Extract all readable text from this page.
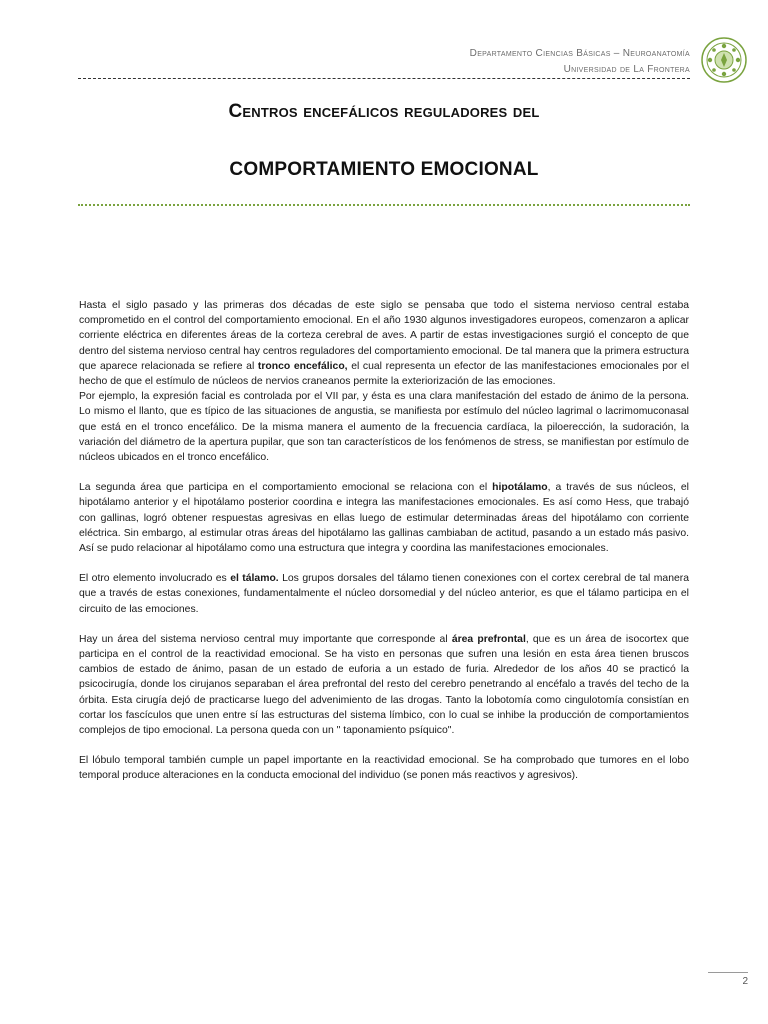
Departamento Ciencias Básicas – Neuroanatomía
Universidad de La Frontera
Centros encefálicos reguladores del
COMPORTAMIENTO EMOCIONAL

Hasta el siglo pasado y las primeras dos décadas de este siglo se pensaba que todo el sistema nervioso central estaba comprometido en el control del comportamiento emocional. En el año 1930 algunos investigadores europeos, comenzaron a aplicar corriente eléctrica en diferentes áreas de la corteza cerebral de aves. A partir de estas investigaciones surgió el concepto de que dentro del sistema nervioso central hay centros reguladores del comportamiento emocional. De tal manera que la primera estructura que aparece relacionada se refiere al tronco encefálico, el cual representa un efector de las manifestaciones emocionales por el hecho de que el estímulo de núcleos de nervios craneanos permite la exteriorización de las emociones.

Por ejemplo, la expresión facial es controlada por el VII par, y ésta es una clara manifestación del estado de ánimo de la persona. Lo mismo el llanto, que es típico de las situaciones de angustia, se manifiesta por estímulo del núcleo lagrimal o lacrimomuconasal que está en el tronco encefálico. De la misma manera el aumento de la frecuencia cardíaca, la piloerección, la sudoración, la variación del diámetro de la apertura pupilar, que son tan característicos de los fenómenos de stress, se manifiestan por estímulo de núcleos ubicados en el tronco encefálico.

La segunda área que participa en el comportamiento emocional se relaciona con el hipotálamo, a través de sus núcleos, el hipotálamo anterior y el hipotálamo posterior coordina e integra las manifestaciones emocionales. Es así como Hess, que trabajó con gallinas, logró obtener respuestas agresivas en ellas luego de estimular determinadas áreas del hipotálamo con corriente eléctrica. Sin embargo, al estimular otras áreas del hipotálamo las gallinas cambiaban de actitud, pasando a un estado más pasivo. Así se pudo relacionar al hipotálamo como una estructura que integra y coordina las manifestaciones emocionales.

El otro elemento involucrado es el tálamo. Los grupos dorsales del tálamo tienen conexiones con el cortex cerebral de tal manera que a través de estas conexiones, fundamentalmente el núcleo dorsomedial y del núcleo anterior, es que el tálamo participa en el circuito de las emociones.

Hay un área del sistema nervioso central muy importante que corresponde al área prefrontal, que es un área de isocortex que participa en el control de la reactividad emocional. Se ha visto en personas que sufren una lesión en esta área tienen bruscos cambios de estado de ánimo, pasan de un estado de euforia a un estado de furia. Alrededor de los años 40 se practicó la psicocirugía, donde los cirujanos separaban el área prefrontal del resto del cerebro penetrando al encéfalo a través del techo de la órbita. Esta cirugía dejó de practicarse luego del advenimiento de las drogas. Tanto la lobotomía como cingulotomía consistían en cortar los fascículos que unen entre sí las estructuras del sistema límbico, con lo cual se inhibe la producción de comportamientos complejos de tipo emocional. La persona queda con un " taponamiento psíquico".

El lóbulo temporal también cumple un papel importante en la reactividad emocional. Se ha comprobado que tumores en el lobo temporal produce alteraciones en la conducta emocional del individuo (se ponen más reactivos y agresivos).

2
